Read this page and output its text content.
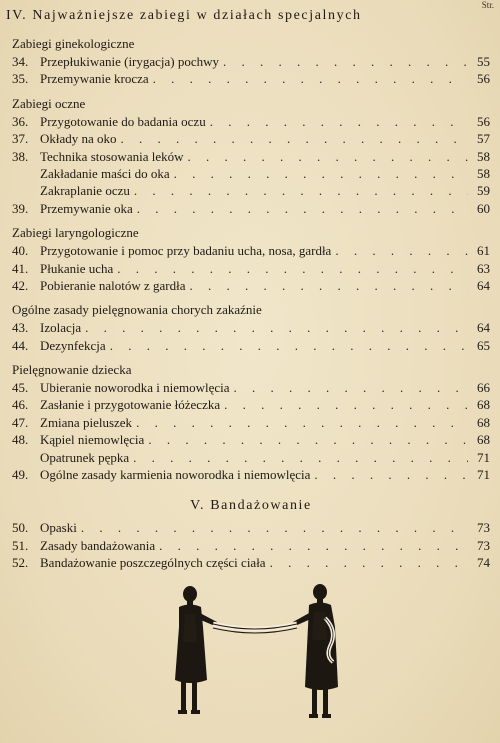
Str.
IV. Najważniejsze zabiegi w działach specjalnych
Zabiegi ginekologiczne
34. Przepłukiwanie (irygacja) pochwy . . .	55
35. Przemywanie krocza . . .	56
Zabiegi oczne
36. Przygotowanie do badania oczu . . .	56
37. Okłady na oko . . .	57
38. Technika stosowania leków . . .	58
Zakładanie maści do oka . . .	58
Zakraplanie oczu . . .	59
39. Przemywanie oka . . .	60
Zabiegi laryngologiczne
40. Przygotowanie i pomoc przy badaniu ucha, nosa, gardła . . .	61
41. Płukanie ucha . . .	63
42. Pobieranie nalotów z gardła . . .	64
Ogólne zasady pielęgnowania chorych zakaźnie
43. Izolacja . . .	64
44. Dezynfekcja . . .	65
Pielęgnowanie dziecka
45. Ubieranie noworodka i niemowlęcia . . .	66
46. Zasłanie i przygotowanie łóżeczka . . .	68
47. Zmiana pieluszek . . .	68
48. Kąpiel niemowlęcia . . .	68
Opatrunek pępka . . .	71
49. Ogólne zasady karmienia noworodka i niemowlęcia . . .	71
V. Bandażowanie
50. Opaski . . .	73
51. Zasady bandażowania . . .	73
52. Bandażowanie poszczególnych części ciała . . .	74
